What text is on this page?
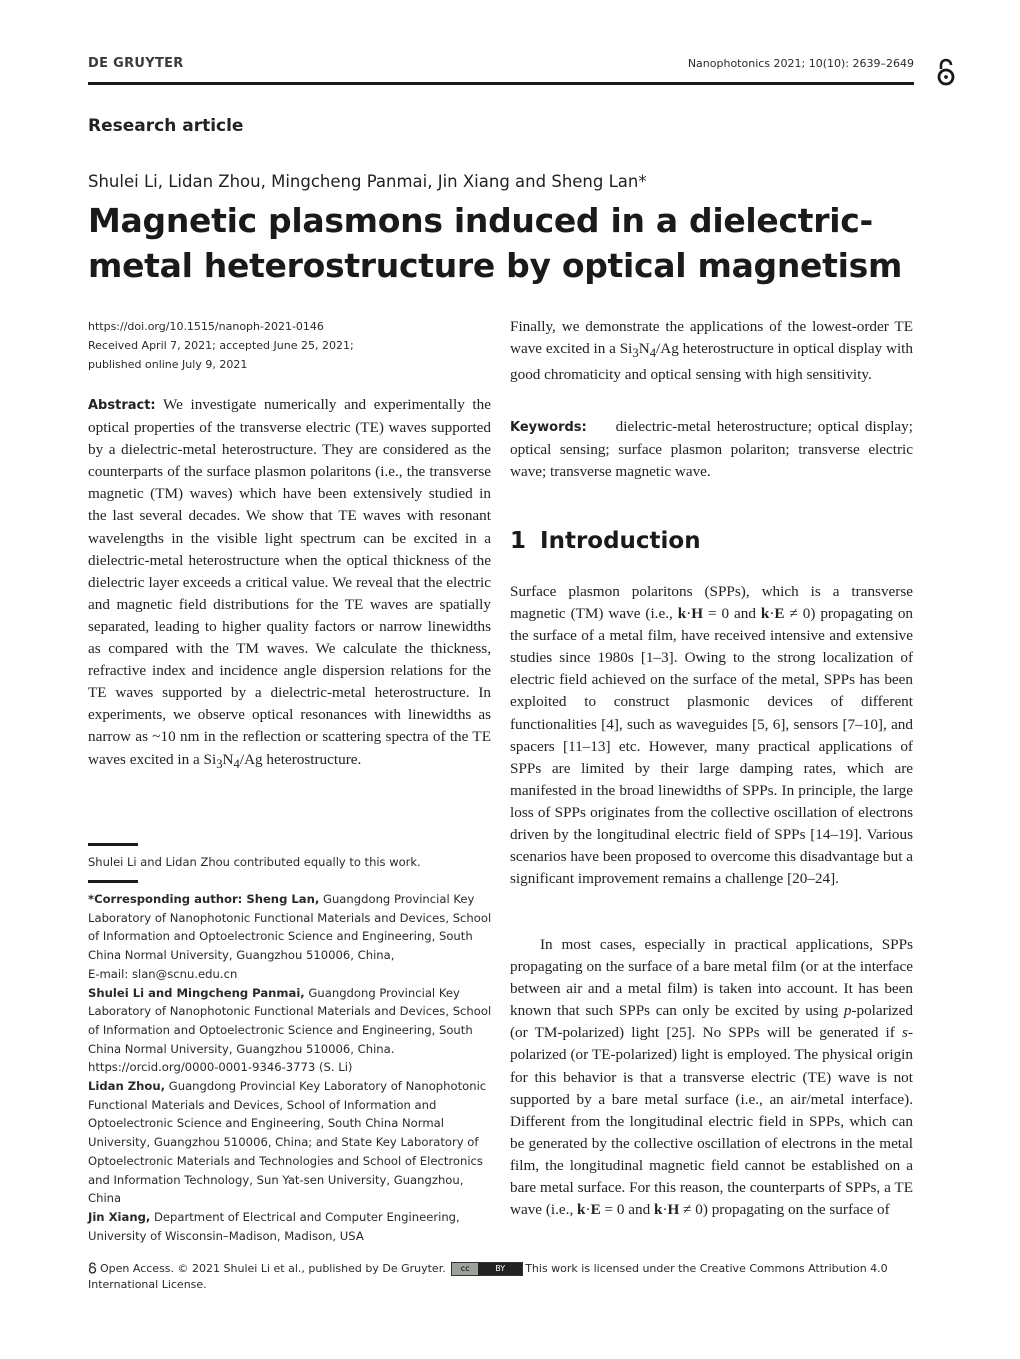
DE GRUYTER	Nanophotonics 2021; 10(10): 2639–2649
Research article
Shulei Li, Lidan Zhou, Mingcheng Panmai, Jin Xiang and Sheng Lan*
Magnetic plasmons induced in a dielectric-metal heterostructure by optical magnetism
https://doi.org/10.1515/nanoph-2021-0146
Received April 7, 2021; accepted June 25, 2021;
published online July 9, 2021
Abstract: We investigate numerically and experimentally the optical properties of the transverse electric (TE) waves supported by a dielectric-metal heterostructure. They are considered as the counterparts of the surface plasmon polaritons (i.e., the transverse magnetic (TM) waves) which have been extensively studied in the last several decades. We show that TE waves with resonant wavelengths in the visible light spectrum can be excited in a dielectric-metal heterostructure when the optical thickness of the dielectric layer exceeds a critical value. We reveal that the electric and magnetic field distributions for the TE waves are spatially separated, leading to higher quality factors or narrow linewidths as compared with the TM waves. We calculate the thickness, refractive index and incidence angle dispersion relations for the TE waves supported by a dielectric-metal heterostructure. In experiments, we observe optical resonances with linewidths as narrow as ~10 nm in the reflection or scattering spectra of the TE waves excited in a $Si_3N_4/Ag$ heterostructure.
Shulei Li and Lidan Zhou contributed equally to this work.

*Corresponding author: Sheng Lan, Guangdong Provincial Key Laboratory of Nanophotonic Functional Materials and Devices, School of Information and Optoelectronic Science and Engineering, South China Normal University, Guangzhou 510006, China,

E-mail: slan@scnu.edu.cn

Shulei Li and Mingcheng Panmai, Guangdong Provincial Key Laboratory of Nanophotonic Functional Materials and Devices, School of Information and Optoelectronic Science and Engineering, South China Normal University, Guangzhou 510006, China. https://orcid.org/0000-0001-9346-3773 (S. Li)

Lidan Zhou, Guangdong Provincial Key Laboratory of Nanophotonic Functional Materials and Devices, School of Information and Optoelectronic Science and Engineering, South China Normal University, Guangzhou 510006, China; and State Key Laboratory of Optoelectronic Materials and Technologies and School of Electronics and Information Technology, Sun Yat-sen University, Guangzhou, China

Jin Xiang, Department of Electrical and Computer Engineering, University of Wisconsin–Madison, Madison, USA

Finally, we demonstrate the applications of the lowest-order TE wave excited in a $Si_3N_4/Ag$ heterostructure in optical display with good chromaticity and optical sensing with high sensitivity.
Keywords: dielectric-metal heterostructure; optical display; optical sensing; surface plasmon polariton; transverse electric wave; transverse magnetic wave.
1 Introduction
Surface plasmon polaritons (SPPs), which is a transverse magnetic (TM) wave (i.e., k·H = 0 and k·E ≠ 0) propagating on the surface of a metal film, have received intensive and extensive studies since 1980s [1–3]. Owing to the strong localization of electric field achieved on the surface of the metal, SPPs has been exploited to construct plasmonic devices of different functionalities [4], such as waveguides [5, 6], sensors [7–10], and spacers [11–13] etc. However, many practical applications of SPPs are limited by their large damping rates, which are manifested in the broad linewidths of SPPs. In principle, the large loss of SPPs originates from the collective oscillation of electrons driven by the longitudinal electric field of SPPs [14–19]. Various scenarios have been proposed to overcome this disadvantage but a significant improvement remains a challenge [20–24].
In most cases, especially in practical applications, SPPs propagating on the surface of a bare metal film (or at the interface between air and a metal film) is taken into account. It has been known that such SPPs can only be excited by using p-polarized (or TM-polarized) light [25]. No SPPs will be generated if s-polarized (or TE-polarized) light is employed. The physical origin for this behavior is that a transverse electric (TE) wave is not supported by a bare metal surface (i.e., an air/metal interface). Different from the longitudinal electric field in SPPs, which can be generated by the collective oscillation of electrons in the metal film, the longitudinal magnetic field cannot be established on a bare metal surface. For this reason, the counterparts of SPPs, a TE wave (i.e., k·E = 0 and k·H ≠ 0) propagating on the surface of
Open Access. © 2021 Shulei Li et al., published by De Gruyter.	cc	BY	This work is licensed under the Creative Commons Attribution 4.0 International License.
